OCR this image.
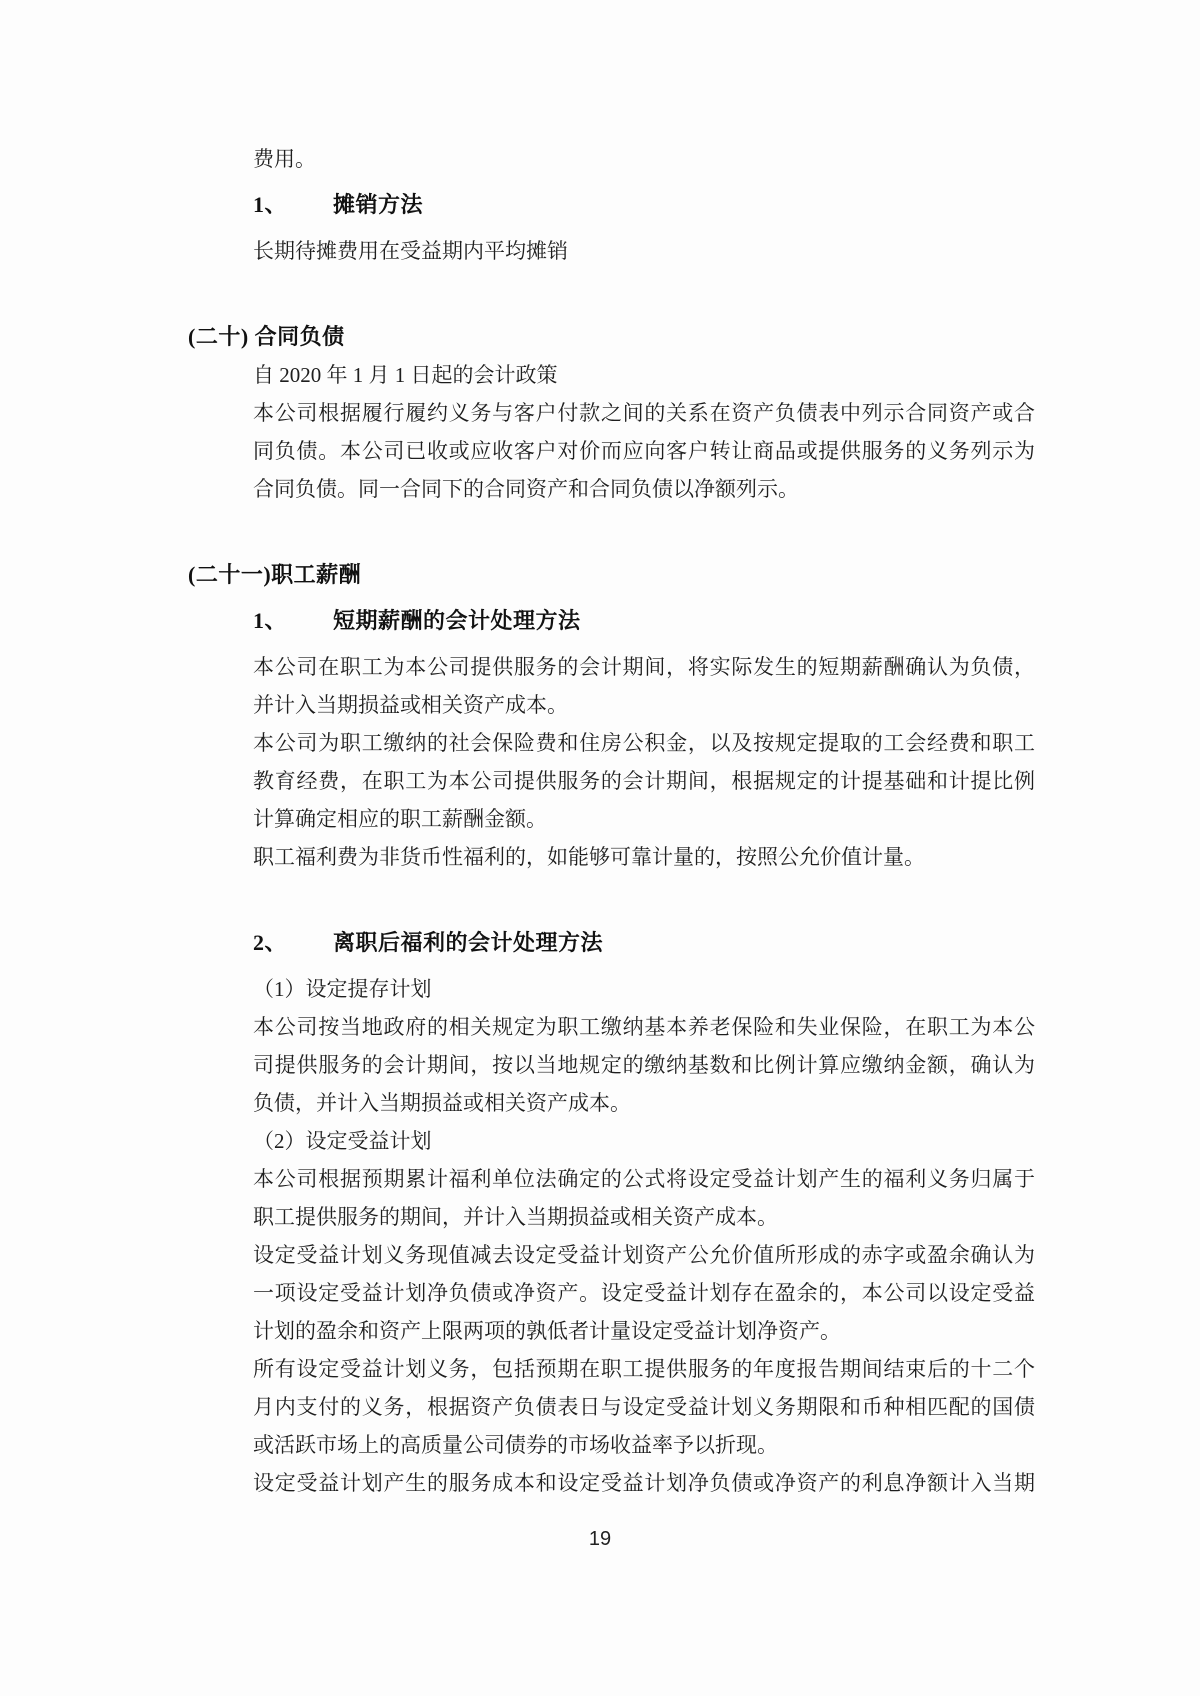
费用。
1、 摊销方法
长期待摊费用在受益期内平均摊销
(二十) 合同负债
自 2020 年 1 月 1 日起的会计政策
本公司根据履行履约义务与客户付款之间的关系在资产负债表中列示合同资产或合
同负债。本公司已收或应收客户对价而应向客户转让商品或提供服务的义务列示为
合同负债。同一合同下的合同资产和合同负债以净额列示。
(二十一)职工薪酬
1、 短期薪酬的会计处理方法
本公司在职工为本公司提供服务的会计期间，将实际发生的短期薪酬确认为负债，
并计入当期损益或相关资产成本。
本公司为职工缴纳的社会保险费和住房公积金，以及按规定提取的工会经费和职工
教育经费，在职工为本公司提供服务的会计期间，根据规定的计提基础和计提比例
计算确定相应的职工薪酬金额。
职工福利费为非货币性福利的，如能够可靠计量的，按照公允价值计量。
2、 离职后福利的会计处理方法
（1）设定提存计划
本公司按当地政府的相关规定为职工缴纳基本养老保险和失业保险，在职工为本公
司提供服务的会计期间，按以当地规定的缴纳基数和比例计算应缴纳金额，确认为
负债，并计入当期损益或相关资产成本。
（2）设定受益计划
本公司根据预期累计福利单位法确定的公式将设定受益计划产生的福利义务归属于
职工提供服务的期间，并计入当期损益或相关资产成本。
设定受益计划义务现值减去设定受益计划资产公允价值所形成的赤字或盈余确认为
一项设定受益计划净负债或净资产。设定受益计划存在盈余的，本公司以设定受益
计划的盈余和资产上限两项的孰低者计量设定受益计划净资产。
所有设定受益计划义务，包括预期在职工提供服务的年度报告期间结束后的十二个
月内支付的义务，根据资产负债表日与设定受益计划义务期限和币种相匹配的国债
或活跃市场上的高质量公司债券的市场收益率予以折现。
设定受益计划产生的服务成本和设定受益计划净负债或净资产的利息净额计入当期
19
